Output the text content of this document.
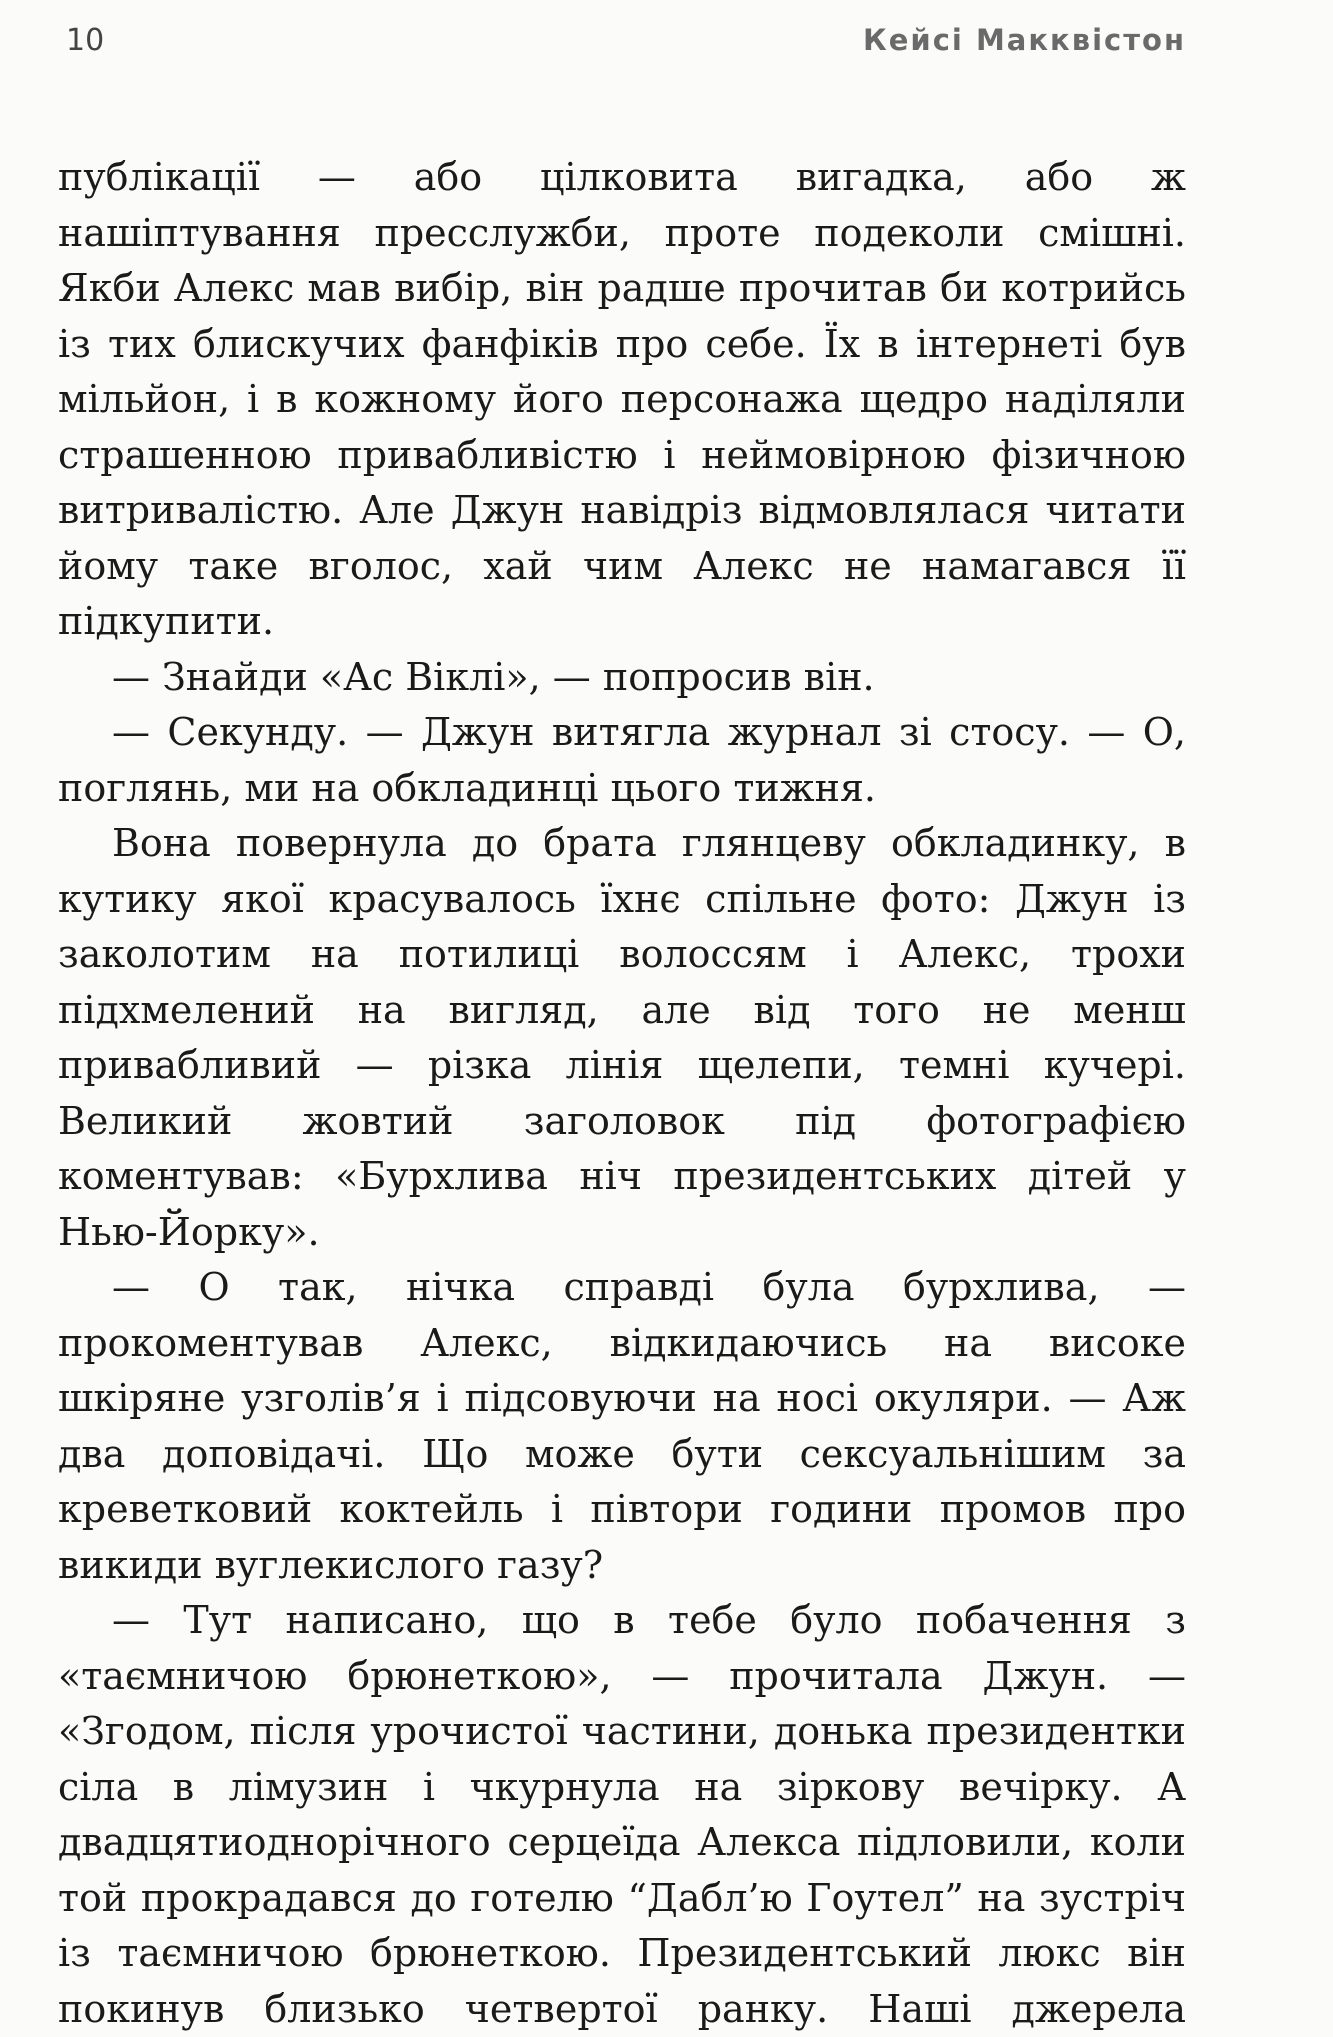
10	Кейсі Макквістон

публікації — або цілковита вигадка, або ж нашіптування пресслужби, проте подеколи смішні. Якби Алекс мав вибір, він радше прочитав би котрийсь із тих блискучих фанфіків про себе. Їх в інтернеті був мільйон, і в кожному його персонажа щедро наділяли страшенною привабливістю і неймовірною фізичною витривалістю. Але Джун навідріз відмовлялася читати йому таке вголос, хай чим Алекс не намагався її підкупити.

— Знайди «Ас Віклі», — попросив він.

— Секунду. — Джун витягла журнал зі стосу. — О, поглянь, ми на обкладинці цього тижня.

Вона повернула до брата глянцеву обкладинку, в кутику якої красувалось їхнє спільне фото: Джун із заколотим на потилиці волоссям і Алекс, трохи підхмелений на вигляд, але від того не менш привабливий — різка лінія щелепи, темні кучері. Великий жовтий заголовок під фотографією коментував: «Бурхлива ніч президентських дітей у Нью-Йорку».

— О так, нічка справді була бурхлива, — прокоментував Алекс, відкидаючись на високе шкіряне узголів’я і підсовуючи на носі окуляри. — Аж два доповідачі. Що може бути сексуальнішим за креветковий коктейль і півтори години промов про викиди вуглекислого газу?

— Тут написано, що в тебе було побачення з «таємничою брюнеткою», — прочитала Джун. — «Згодом, після урочистої частини, донька президентки сіла в лімузин і чкурнула на зіркову вечірку. А двадцятиоднорічного серцеїда Алекса підловили, коли той прокрадався до готелю “Дабл’ю Гоутел” на зустріч із таємничою брюнеткою. Президентський люкс він покинув близько четвертої ранку. Наші джерела
